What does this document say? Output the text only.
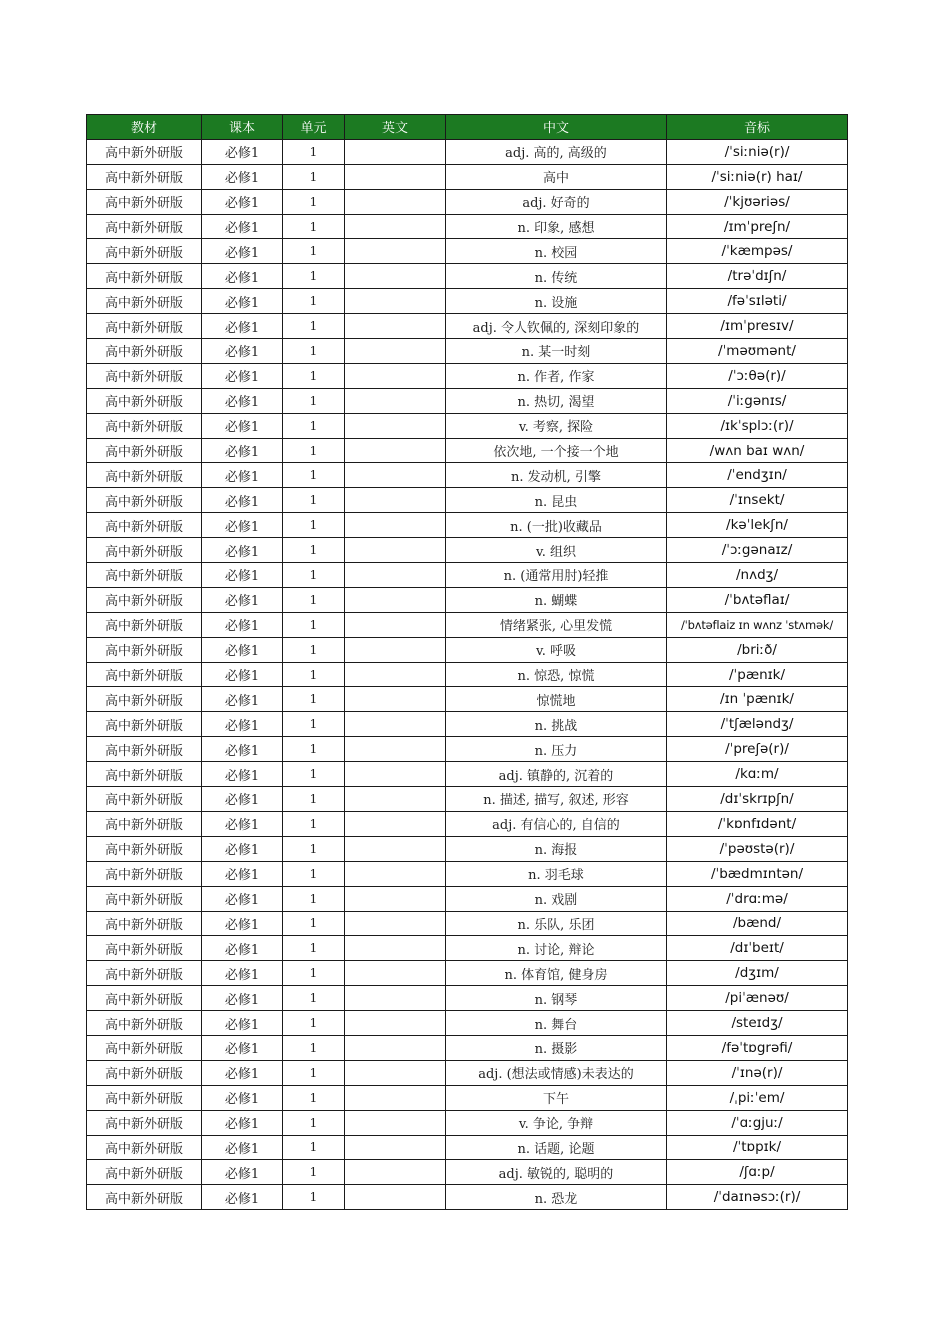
教材	课本	单元	英文	中文	音标
高中新外研版	必修1	1		adj. 高的, 高级的	/ˈsiːniə(r)/
高中新外研版	必修1	1		高中	/ˈsiːniə(r) haɪ/
高中新外研版	必修1	1		adj. 好奇的	/ˈkjʊəriəs/
高中新外研版	必修1	1		n. 印象, 感想	/ɪmˈpreʃn/
高中新外研版	必修1	1		n. 校园	/ˈkæmpəs/
高中新外研版	必修1	1		n. 传统	/trəˈdɪʃn/
高中新外研版	必修1	1		n. 设施	/fəˈsɪləti/
高中新外研版	必修1	1		adj. 令人钦佩的, 深刻印象的	/ɪmˈpresɪv/
高中新外研版	必修1	1		n. 某一时刻	/ˈməʊmənt/
高中新外研版	必修1	1		n. 作者, 作家	/ˈɔːθə(r)/
高中新外研版	必修1	1		n. 热切, 渴望	/ˈiːgənɪs/
高中新外研版	必修1	1		v. 考察, 探险	/ɪkˈsplɔː(r)/
高中新外研版	必修1	1		依次地, 一个接一个地	/wʌn baɪ wʌn/
高中新外研版	必修1	1		n. 发动机, 引擎	/ˈendʒɪn/
高中新外研版	必修1	1		n. 昆虫	/ˈɪnsekt/
高中新外研版	必修1	1		n. (一批)收藏品	/kəˈlekʃn/
高中新外研版	必修1	1		v. 组织	/ˈɔːgənaɪz/
高中新外研版	必修1	1		n. (通常用肘)轻推	/nʌdʒ/
高中新外研版	必修1	1		n. 蝴蝶	/ˈbʌtəflaɪ/
高中新外研版	必修1	1		情绪紧张, 心里发慌	/ˈbʌtəflaiz ɪn wʌnz ˈstʌmək/
高中新外研版	必修1	1		v. 呼吸	/briːð/
高中新外研版	必修1	1		n. 惊恐, 惊慌	/ˈpænɪk/
高中新外研版	必修1	1		惊慌地	/ɪn ˈpænɪk/
高中新外研版	必修1	1		n. 挑战	/ˈtʃæləndʒ/
高中新外研版	必修1	1		n. 压力	/ˈpreʃə(r)/
高中新外研版	必修1	1		adj. 镇静的, 沉着的	/kɑːm/
高中新外研版	必修1	1		n. 描述, 描写, 叙述, 形容	/dɪˈskrɪpʃn/
高中新外研版	必修1	1		adj. 有信心的, 自信的	/ˈkɒnfɪdənt/
高中新外研版	必修1	1		n. 海报	/ˈpəʊstə(r)/
高中新外研版	必修1	1		n. 羽毛球	/ˈbædmɪntən/
高中新外研版	必修1	1		n. 戏剧	/ˈdrɑːmə/
高中新外研版	必修1	1		n. 乐队, 乐团	/bænd/
高中新外研版	必修1	1		n. 讨论, 辩论	/dɪˈbeɪt/
高中新外研版	必修1	1		n. 体育馆, 健身房	/dʒɪm/
高中新外研版	必修1	1		n. 钢琴	/piˈænəʊ/
高中新外研版	必修1	1		n. 舞台	/steɪdʒ/
高中新外研版	必修1	1		n. 摄影	/fəˈtɒgrəfi/
高中新外研版	必修1	1		adj. (想法或情感)未表达的	/ˈɪnə(r)/
高中新外研版	必修1	1		下午	/ˌpiːˈem/
高中新外研版	必修1	1		v. 争论, 争辩	/ˈɑːgjuː/
高中新外研版	必修1	1		n. 话题, 论题	/ˈtɒpɪk/
高中新外研版	必修1	1		adj. 敏锐的, 聪明的	/ʃɑːp/
高中新外研版	必修1	1		n. 恐龙	/ˈdaɪnəsɔː(r)/
